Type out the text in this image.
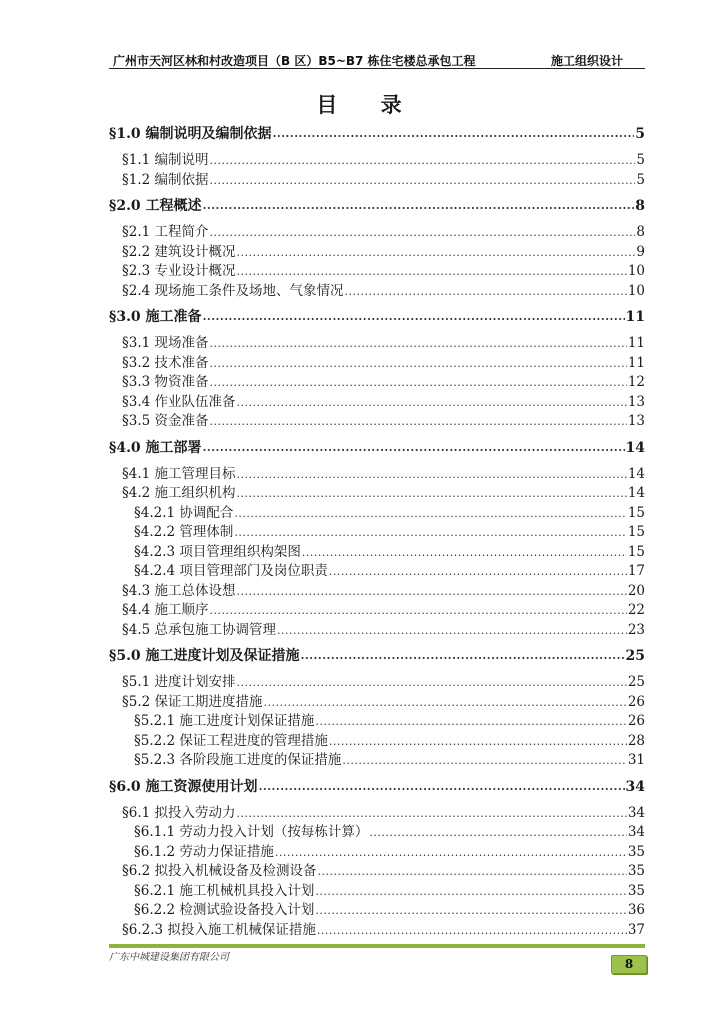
广州市天河区林和村改造项目（B 区）B5~B7 栋住宅楼总承包工程	施工组织设计
目 录
§1.0 编制说明及编制依据 .....	5
§1.1 编制说明 .....	5
§1.2 编制依据 .....	5
§2.0 工程概述 .....	8
§2.1 工程简介 .....	8
§2.2 建筑设计概况 .....	9
§2.3 专业设计概况 .....	10
§2.4 现场施工条件及场地、气象情况 .....	10
§3.0 施工准备 .....	11
§3.1 现场准备 .....	11
§3.2 技术准备 .....	11
§3.3 物资准备 .....	12
§3.4 作业队伍准备 .....	13
§3.5 资金准备 .....	13
§4.0 施工部署 .....	14
§4.1 施工管理目标 .....	14
§4.2 施工组织机构 .....	14
§4.2.1 协调配合 .....	15
§4.2.2 管理体制 .....	15
§4.2.3 项目管理组织构架图 .....	15
§4.2.4 项目管理部门及岗位职责 .....	17
§4.3 施工总体设想 .....	20
§4.4 施工顺序 .....	22
§4.5 总承包施工协调管理 .....	23
§5.0 施工进度计划及保证措施 .....	25
§5.1 进度计划安排 .....	25
§5.2 保证工期进度措施 .....	26
§5.2.1 施工进度计划保证措施 .....	26
§5.2.2 保证工程进度的管理措施 .....	28
§5.2.3 各阶段施工进度的保证措施 .....	31
§6.0 施工资源使用计划 .....	34
§6.1 拟投入劳动力 .....	34
§6.1.1 劳动力投入计划（按每栋计算） .....	34
§6.1.2 劳动力保证措施 .....	35
§6.2 拟投入机械设备及检测设备 .....	35
§6.2.1 施工机械机具投入计划 .....	35
§6.2.2 检测试验设备投入计划 .....	36
§6.2.3 拟投入施工机械保证措施 .....	37
广东中城建设集团有限公司	8
